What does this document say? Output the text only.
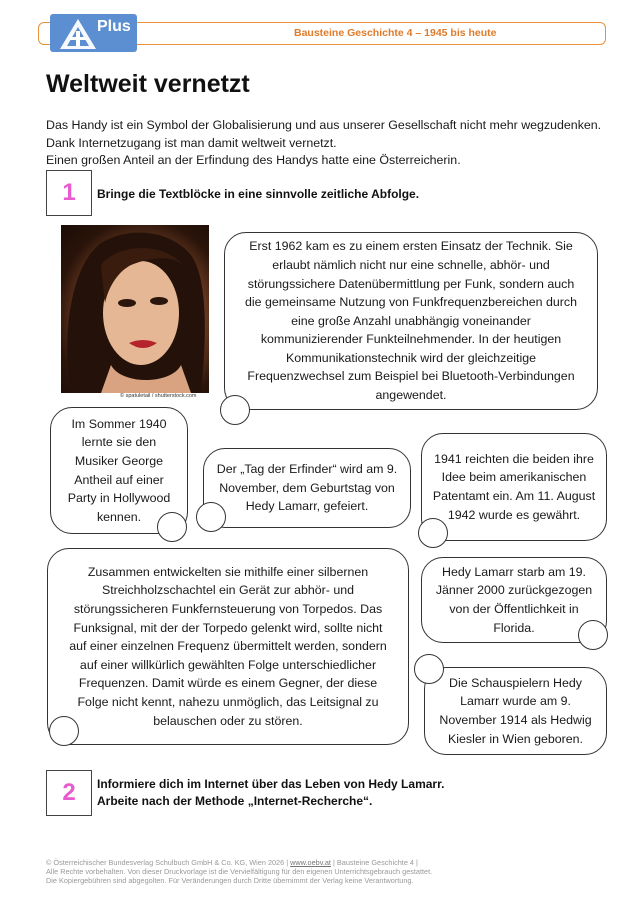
Bausteine Geschichte 4 – 1945 bis heute
Plus
Weltweit vernetzt

Das Handy ist ein Symbol der Globalisierung und aus unserer Gesellschaft nicht mehr wegzudenken.

Dank Internetzugang ist man damit weltweit vernetzt.

Einen großen Anteil an der Erfindung des Handys hatte eine Österreicherin.

1	Bringe die Textblöcke in eine sinnvolle zeitliche Abfolge.
© spatuletail / shutterstock.com
Erst 1962 kam es zu einem ersten Einsatz der Technik. Sie erlaubt nämlich nicht nur eine schnelle, abhör- und störungssichere Datenübermittlung per Funk, sondern auch die gemeinsame Nutzung von Funkfrequenzbereichen durch eine große Anzahl unabhängig voneinander kommunizierender Funkteilnehmender. In der heutigen Kommunikationstechnik wird der gleichzeitige Frequenzwechsel zum Beispiel bei Bluetooth-Verbindungen angewendet.
Im Sommer 1940 lernte sie den Musiker George Antheil auf einer Party in Hollywood kennen.
Der „Tag der Erfinder“ wird am 9. November, dem Geburtstag von Hedy Lamarr, gefeiert.
1941 reichten die beiden ihre Idee beim amerikanischen Patentamt ein. Am 11. August 1942 wurde es gewährt.
Zusammen entwickelten sie mithilfe einer silbernen Streichholzschachtel ein Gerät zur abhör- und störungssicheren Funkfernsteuerung von Torpedos. Das Funksignal, mit der der Torpedo gelenkt wird, sollte nicht auf einer einzelnen Frequenz übermittelt werden, sondern auf einer willkürlich gewählten Folge unterschiedlicher Frequenzen. Damit würde es einem Gegner, der diese Folge nicht kennt, nahezu unmöglich, das Leitsignal zu belauschen oder zu stören.
Hedy Lamarr starb am 19. Jänner 2000 zurückgezogen von der Öffentlichkeit in Florida.
Die Schauspielern Hedy Lamarr wurde am 9. November 1914 als Hedwig Kiesler in Wien geboren.
2	Informiere dich im Internet über das Leben von Hedy Lamarr.
Arbeite nach der Methode „Internet-Recherche“.
© Österreichischer Bundesverlag Schulbuch GmbH & Co. KG, Wien 2026 | www.oebv.at | Bausteine Geschichte 4 |
Alle Rechte vorbehalten. Von dieser Druckvorlage ist die Vervielfältigung für den eigenen Unterrichtsgebrauch gestattet.
Die Kopiergebühren sind abgegolten. Für Veränderungen durch Dritte übernimmt der Verlag keine Verantwortung.
